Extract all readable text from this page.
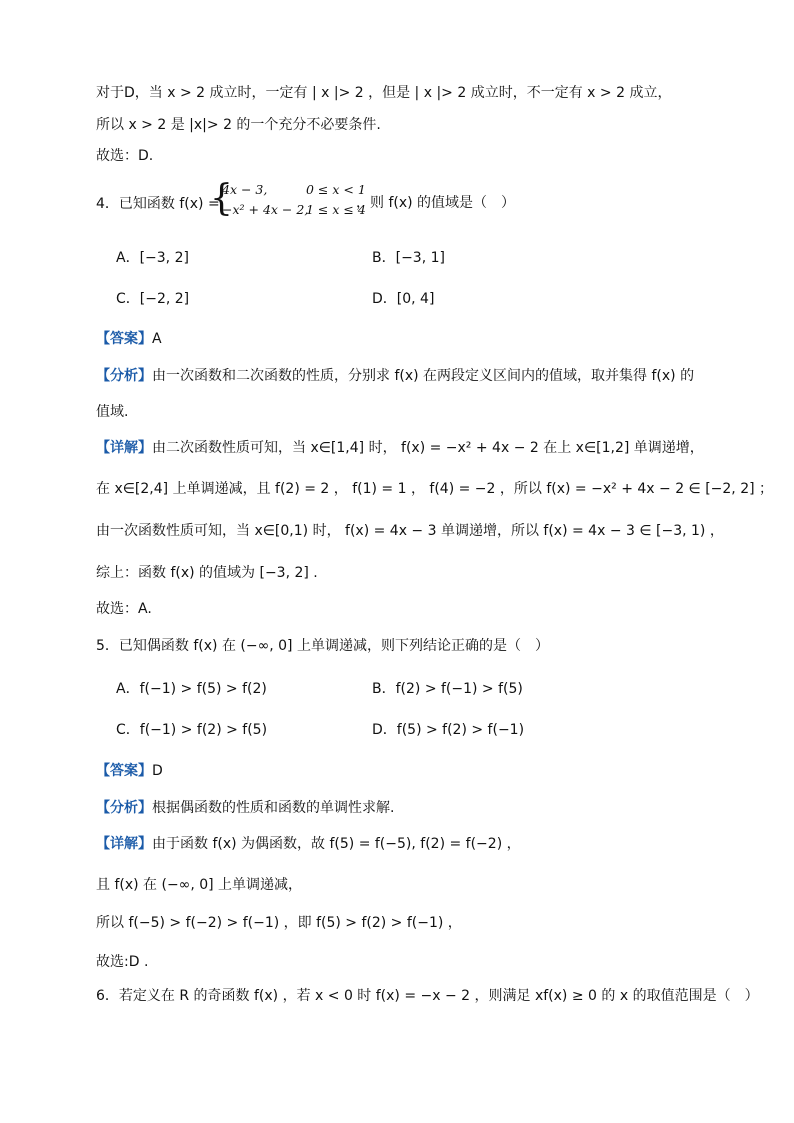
对于D，当 x > 2 成立时，一定有 | x |> 2 ，但是 | x |> 2 成立时，不一定有 x > 2 成立，
所以 x > 2 是 |x|> 2 的一个充分不必要条件.
故选：D.
4．已知函数 f(x) =
{
4x − 3,
−x² + 4x − 2,
0 ≤ x < 1
1 ≤ x ≤ 4
，则 f(x) 的值域是（　）
A．[−3, 2]	B．[−3, 1]
C．[−2, 2]	D．[0, 4]
【答案】A
【分析】由一次函数和二次函数的性质，分别求 f(x) 在两段定义区间内的值域，取并集得 f(x) 的
值域.
【详解】由二次函数性质可知，当 x∈[1,4] 时， f(x) = −x² + 4x − 2 在上 x∈[1,2] 单调递增，
在 x∈[2,4] 上单调递减，且 f(2) = 2 ， f(1) = 1 ， f(4) = −2 ，所以 f(x) = −x² + 4x − 2 ∈ [−2, 2] ；
由一次函数性质可知，当 x∈[0,1) 时， f(x) = 4x − 3 单调递增，所以 f(x) = 4x − 3 ∈ [−3, 1) ，
综上：函数 f(x) 的值域为 [−3, 2] .
故选：A.
5．已知偶函数 f(x) 在 (−∞, 0] 上单调递减，则下列结论正确的是（　）
A．f(−1) > f(5) > f(2)	B．f(2) > f(−1) > f(5)
C．f(−1) > f(2) > f(5)	D．f(5) > f(2) > f(−1)
【答案】D
【分析】根据偶函数的性质和函数的单调性求解.
【详解】由于函数 f(x) 为偶函数，故 f(5) = f(−5), f(2) = f(−2) ，
且 f(x) 在 (−∞, 0] 上单调递减，
所以 f(−5) > f(−2) > f(−1) ，即 f(5) > f(2) > f(−1) ，
故选:D .
6．若定义在 R 的奇函数 f(x) ，若 x < 0 时 f(x) = −x − 2 ，则满足 xf(x) ≥ 0 的 x 的取值范围是（　）
